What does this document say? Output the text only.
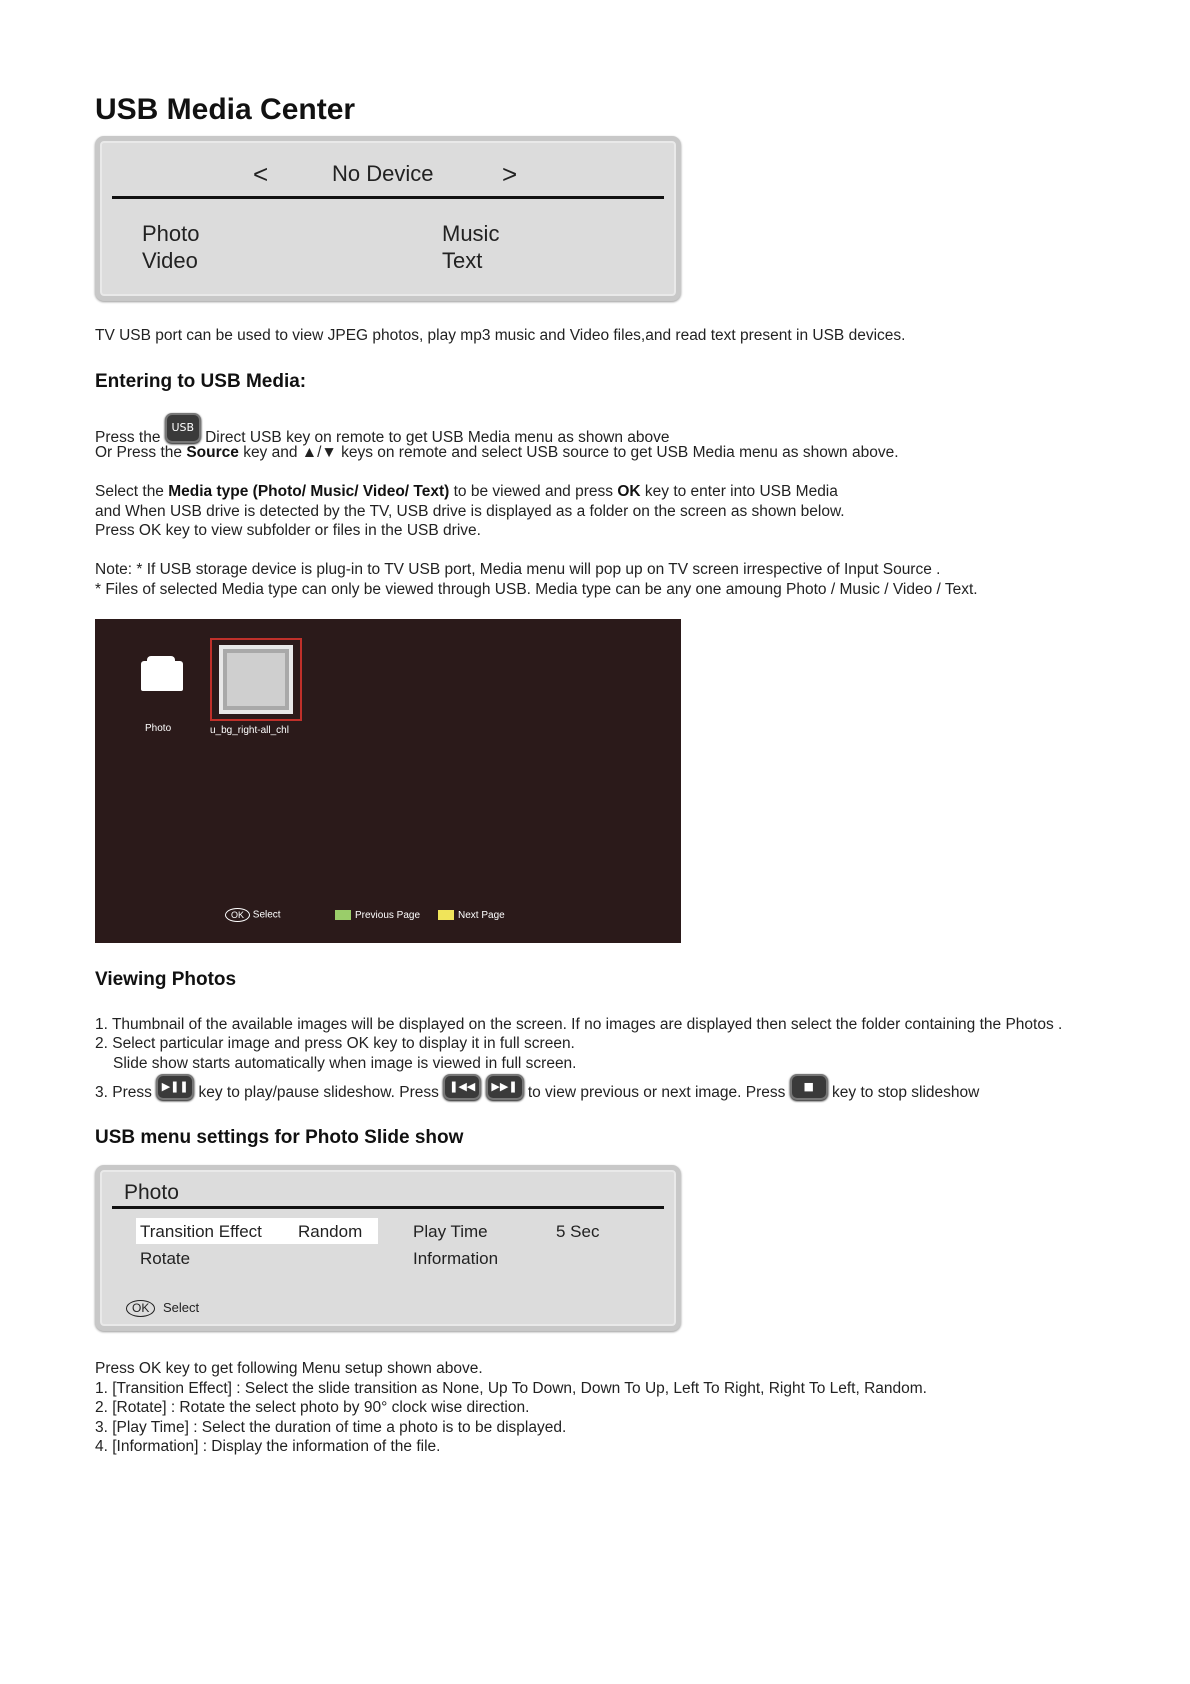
USB Media Center
<	No Device	>
Photo	Music
Video	Text
TV USB port can be used to view JPEG photos, play mp3 music and Video files,and read text present in USB devices.
Entering to USB Media:
Press the USB Direct USB key on remote to get USB Media menu as shown above
Or Press the Source key and ▲/▼ keys on remote and select USB source to get USB Media menu as shown above.
Select the Media type (Photo/ Music/ Video/ Text) to be viewed and press OK key to enter into USB Media
and When USB drive is detected by the TV, USB drive is displayed as a folder on the screen as shown below.
Press OK key to view subfolder or files in the USB drive.
Note: * If USB storage device is plug-in to TV USB port, Media menu will pop up on TV screen irrespective of Input Source .
* Files of selected Media type can only be viewed through USB. Media type can be any one amoung Photo / Music / Video / Text.
Photo	u_bg_right-all_chl
OK Select	Previous Page	Next Page
Viewing Photos
1. Thumbnail of the available images will be displayed on the screen. If no images are displayed then select the folder containing the Photos .
2. Select particular image and press OK key to display it in full screen.
Slide show starts automatically when image is viewed in full screen.
3. Press ▶❚❚ key to play/pause slideshow. Press ❚◀◀ ▶▶❚ to view previous or next image. Press ■ key to stop slideshow
USB menu settings for Photo Slide show
Photo
Transition Effect Random	Play Time	5 Sec
Rotate	Information
OK Select
Press OK key to get following Menu setup shown above.
1. [Transition Effect] : Select the slide transition as None, Up To Down, Down To Up, Left To Right, Right To Left, Random.
2. [Rotate] : Rotate the select photo by 90° clock wise direction.
3. [Play Time] : Select the duration of time a photo is to be displayed.
4. [Information] : Display the information of the file.
